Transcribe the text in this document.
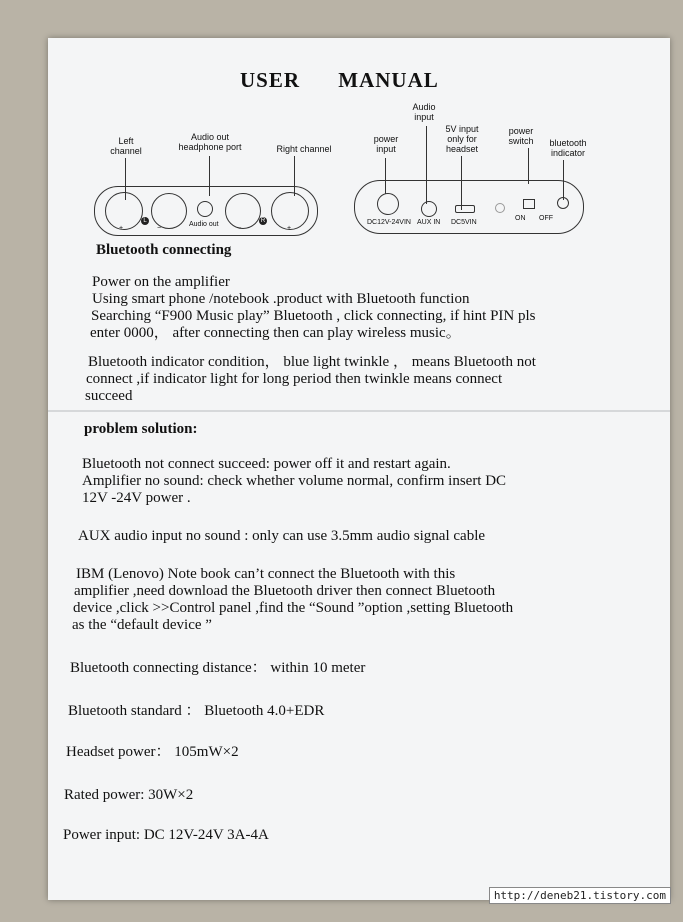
USER MANUAL
Left channel
Audio out headphone port	Right channel
power input
Audio input
5V input only for headset
power switch	bluetooth indicator
L	R
+	−
Audio out
−	+
DC12V-24VIN AUX IN DC5VIN
ON OFF
Bluetooth connecting
Power on the amplifier
Using smart phone /notebook .product with Bluetooth function
Searching “F900 Music play” Bluetooth , click connecting, if hint PIN pls
enter 0000， after connecting then can play wireless music。
Bluetooth indicator condition， blue light twinkle ， means Bluetooth not
connect ,if indicator light for long period then twinkle means connect
succeed
problem solution:
Bluetooth not connect succeed: power off it and restart again.
Amplifier no sound: check whether volume normal, confirm insert DC
12V -24V power .
AUX audio input no sound : only can use 3.5mm audio signal cable
IBM (Lenovo) Note book can’t connect the Bluetooth with this
amplifier ,need download the Bluetooth driver then connect Bluetooth
device ,click >>Control panel ,find the “Sound ”option ,setting Bluetooth
as the “default device ”
Bluetooth connecting distance： within 10 meter
Bluetooth standard ： Bluetooth 4.0+EDR
Headset power： 105mW×2
Rated power: 30W×2
Power input: DC 12V-24V 3A-4A
http://deneb21.tistory.com
